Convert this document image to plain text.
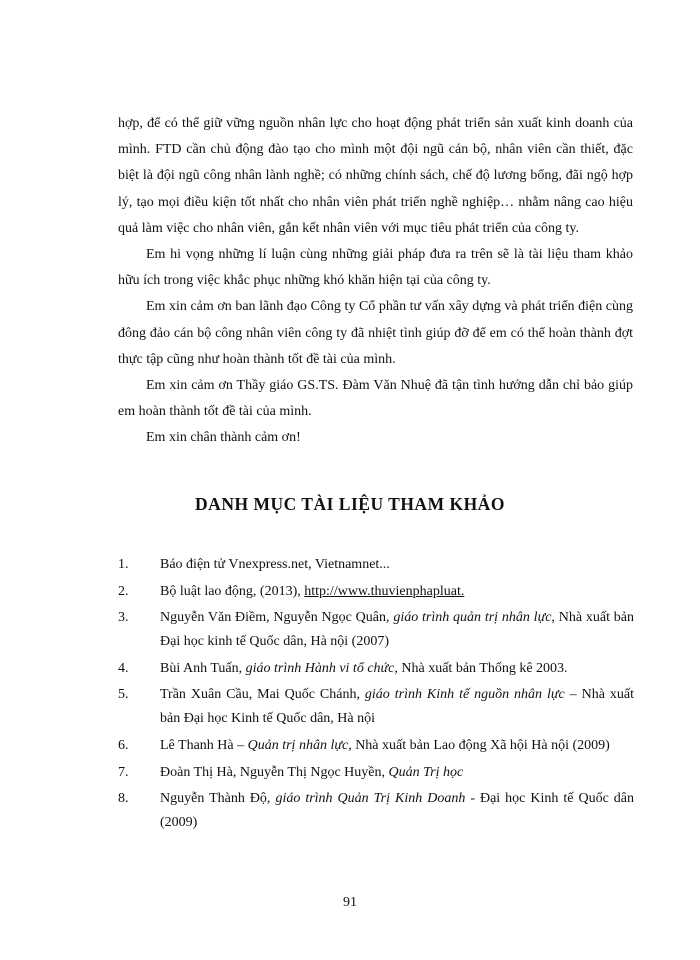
hợp, để có thể giữ vững nguồn nhân lực cho hoạt động phát triển sản xuất kinh doanh của mình. FTD cần chủ động đào tạo cho mình một đội ngũ cán bộ, nhân viên cần thiết, đặc biệt là đội ngũ công nhân lành nghề; có những chính sách, chế độ lương bổng, đãi ngộ hợp lý, tạo mọi điều kiện tốt nhất cho nhân viên phát triển nghề nghiệp… nhằm nâng cao hiệu quả làm việc cho nhân viên, gắn kết nhân viên với mục tiêu phát triển của công ty.

Em hi vọng những lí luận cùng những giải pháp đưa ra trên sẽ là tài liệu tham khảo hữu ích trong việc khắc phục những khó khăn hiện tại của công ty.

Em xin cảm ơn ban lãnh đạo Công ty Cổ phần tư vấn xây dựng và phát triển điện cùng đông đảo cán bộ công nhân viên công ty đã nhiệt tình giúp đỡ để em có thể hoàn thành đợt thực tập cũng như hoàn thành tốt đề tài của mình.

Em xin cảm ơn Thầy giáo GS.TS. Đàm Văn Nhuệ đã tận tình hướng dẫn chỉ bảo giúp em hoàn thành tốt đề tài của mình.

Em xin chân thành cảm ơn!

DANH MỤC TÀI LIỆU THAM KHẢO
1.	Báo điện tử Vnexpress.net, Vietnamnet...
2.	Bộ luật lao động, (2013), http://www.thuvienphapluat.
3.	Nguyễn Văn Điềm, Nguyễn Ngọc Quân, giáo trình quản trị nhân lực, Nhà xuất bản Đại học kinh tế Quốc dân, Hà nội (2007)
4.	Bùi Anh Tuấn, giáo trình Hành vi tổ chức, Nhà xuất bản Thống kê 2003.
5.	Trần Xuân Cầu, Mai Quốc Chánh, giáo trình Kinh tế nguồn nhân lực – Nhà xuất bản Đại học Kinh tế Quốc dân, Hà nội
6.	Lê Thanh Hà – Quản trị nhân lực, Nhà xuất bản Lao động Xã hội Hà nội (2009)
7.	Đoàn Thị Hà, Nguyễn Thị Ngọc Huyền, Quản Trị học
8.	Nguyễn Thành Độ, giáo trình Quản Trị Kinh Doanh - Đại học Kinh tế Quốc dân (2009)
91
